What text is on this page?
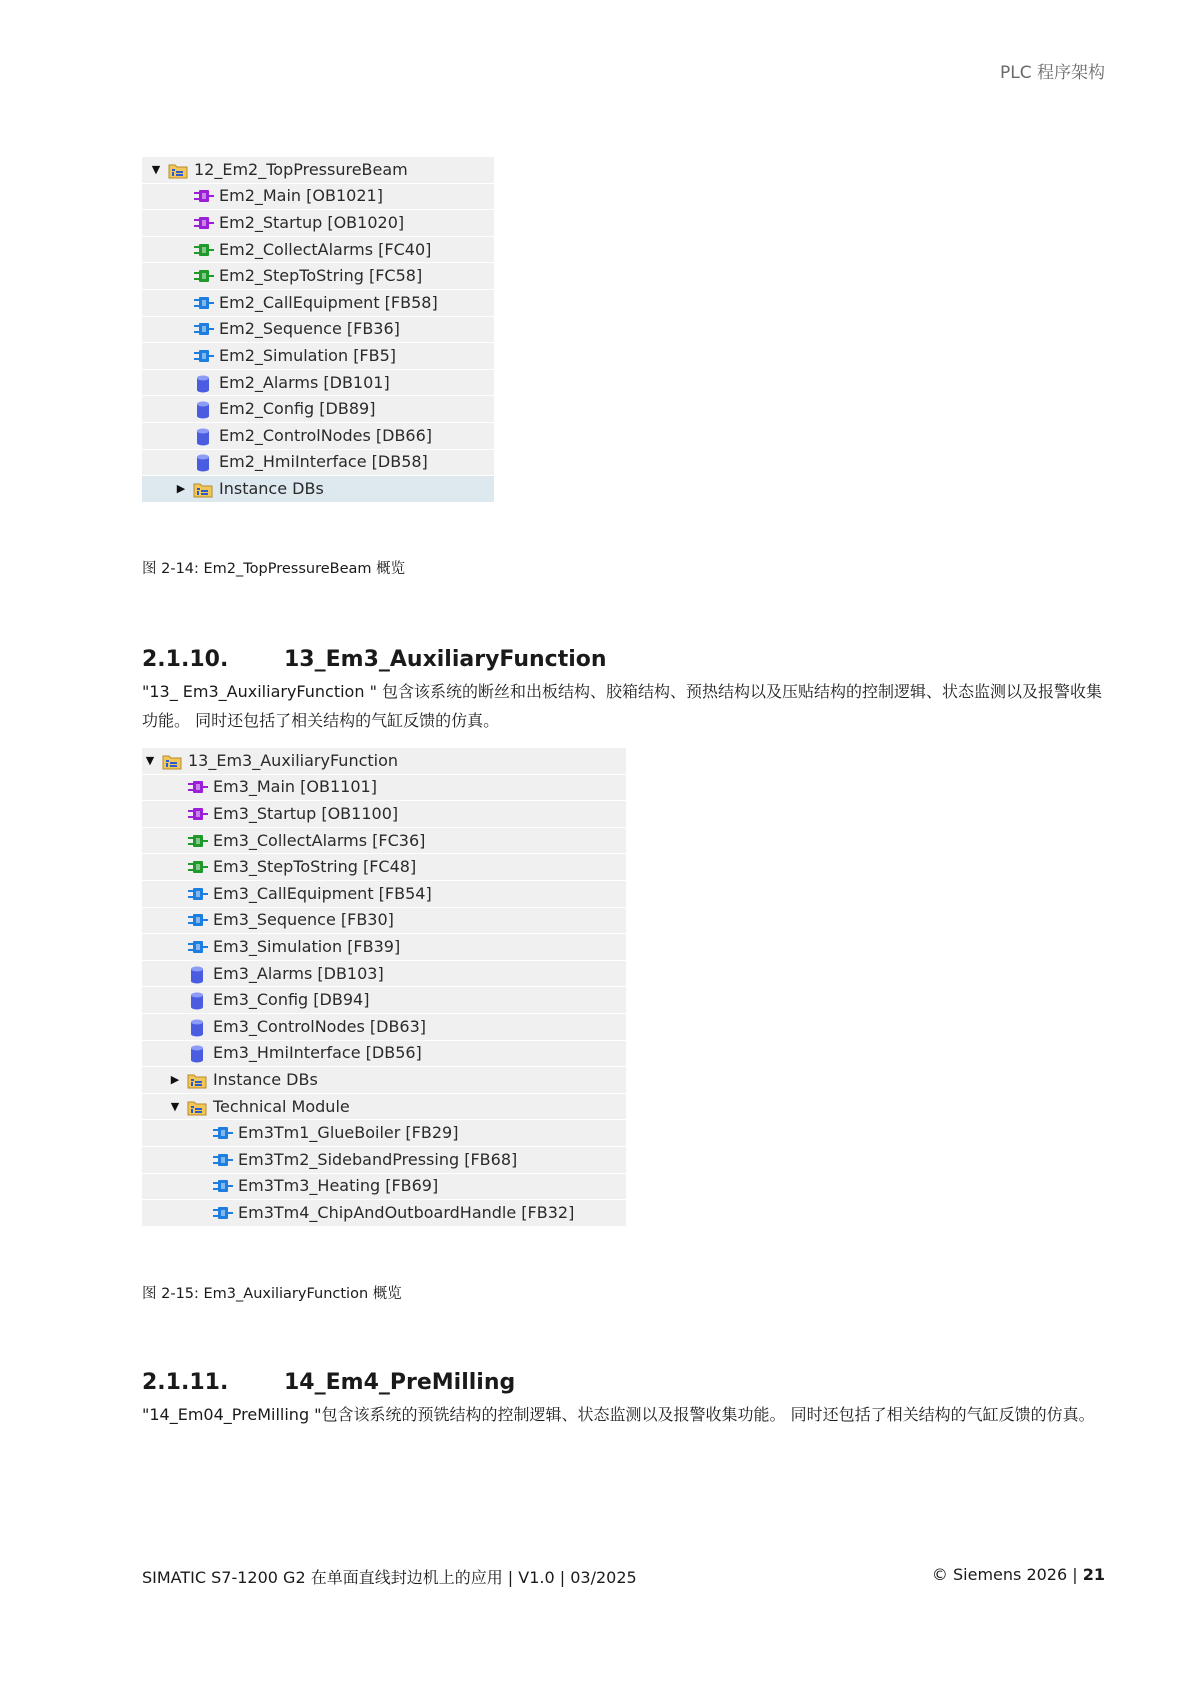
PLC 程序架构
▼ 12_Em2_TopPressureBeam
Em2_Main [OB1021]
Em2_Startup [OB1020]
Em2_CollectAlarms [FC40]
Em2_StepToString [FC58]
Em2_CallEquipment [FB58]
Em2_Sequence [FB36]
Em2_Simulation [FB5]
Em2_Alarms [DB101]
Em2_Config [DB89]
Em2_ControlNodes [DB66]
Em2_HmiInterface [DB58]
▶ Instance DBs
图 2-14: Em2_TopPressureBeam 概览
2.1.10.	13_Em3_AuxiliaryFunction
"13_ Em3_AuxiliaryFunction " 包含该系统的断丝和出板结构、胶箱结构、预热结构以及压贴结构的控制逻辑、状态监测以及报警收集功能。 同时还包括了相关结构的气缸反馈的仿真。
▼ 13_Em3_AuxiliaryFunction
Em3_Main [OB1101]
Em3_Startup [OB1100]
Em3_CollectAlarms [FC36]
Em3_StepToString [FC48]
Em3_CallEquipment [FB54]
Em3_Sequence [FB30]
Em3_Simulation [FB39]
Em3_Alarms [DB103]
Em3_Config [DB94]
Em3_ControlNodes [DB63]
Em3_HmiInterface [DB56]
▶ Instance DBs
▼ Technical Module
Em3Tm1_GlueBoiler [FB29]
Em3Tm2_SidebandPressing [FB68]
Em3Tm3_Heating [FB69]
Em3Tm4_ChipAndOutboardHandle [FB32]
图 2-15: Em3_AuxiliaryFunction 概览
2.1.11.	14_Em4_PreMilling
"14_Em04_PreMilling "包含该系统的预铣结构的控制逻辑、状态监测以及报警收集功能。 同时还包括了相关结构的气缸反馈的仿真。
SIMATIC S7-1200 G2 在单面直线封边机上的应用 | V1.0 | 03/2025	© Siemens 2026 | 21
